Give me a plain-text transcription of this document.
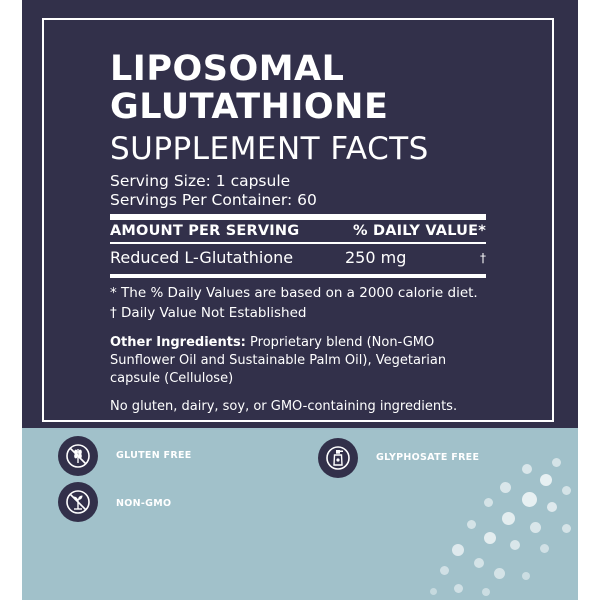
LIPOSOMAL
GLUTATHIONE
SUPPLEMENT FACTS
Serving Size: 1 capsule
Servings Per Container: 60
AMOUNT PER SERVING	% DAILY VALUE*
Reduced L-Glutathione	250 mg	†
* The % Daily Values are based on a 2000 calorie diet.
† Daily Value Not Established
Other Ingredients: Proprietary blend (Non-GMO Sunflower Oil and Sustainable Palm Oil), Vegetarian capsule (Cellulose)
No gluten, dairy, soy, or GMO-containing ingredients.
GLUTEN FREE	GLYPHOSATE FREE
NON-GMO
